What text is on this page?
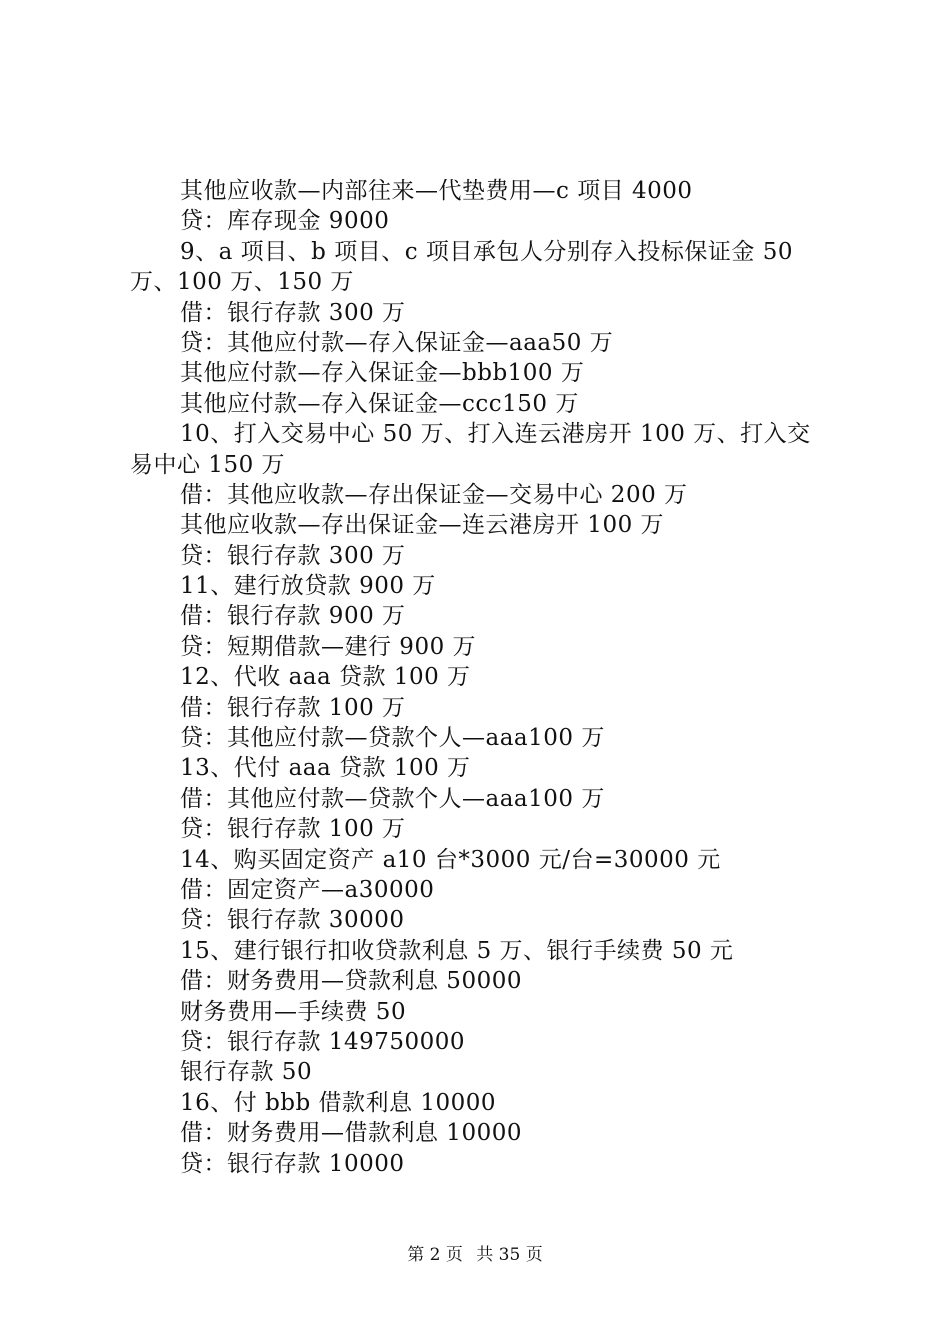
其他应收款—内部往来—代垫费用—c 项目 4000
贷：库存现金 9000
9、a 项目、b 项目、c 项目承包人分别存入投标保证金 50
万、100 万、150 万
借：银行存款 300 万
贷：其他应付款—存入保证金—aaa50 万
其他应付款—存入保证金—bbb100 万
其他应付款—存入保证金—ccc150 万
10、打入交易中心 50 万、打入连云港房开 100 万、打入交
易中心 150 万
借：其他应收款—存出保证金—交易中心 200 万
其他应收款—存出保证金—连云港房开 100 万
贷：银行存款 300 万
11、建行放贷款 900 万
借：银行存款 900 万
贷：短期借款—建行 900 万
12、代收 aaa 贷款 100 万
借：银行存款 100 万
贷：其他应付款—贷款个人—aaa100 万
13、代付 aaa 贷款 100 万
借：其他应付款—贷款个人—aaa100 万
贷：银行存款 100 万
14、购买固定资产 a10 台*3000 元/台=30000 元
借：固定资产—a30000
贷：银行存款 30000
15、建行银行扣收贷款利息 5 万、银行手续费 50 元
借：财务费用—贷款利息 50000
财务费用—手续费 50
贷：银行存款 149750000
银行存款 50
16、付 bbb 借款利息 10000
借：财务费用—借款利息 10000
贷：银行存款 10000
第 2 页 共 35 页
